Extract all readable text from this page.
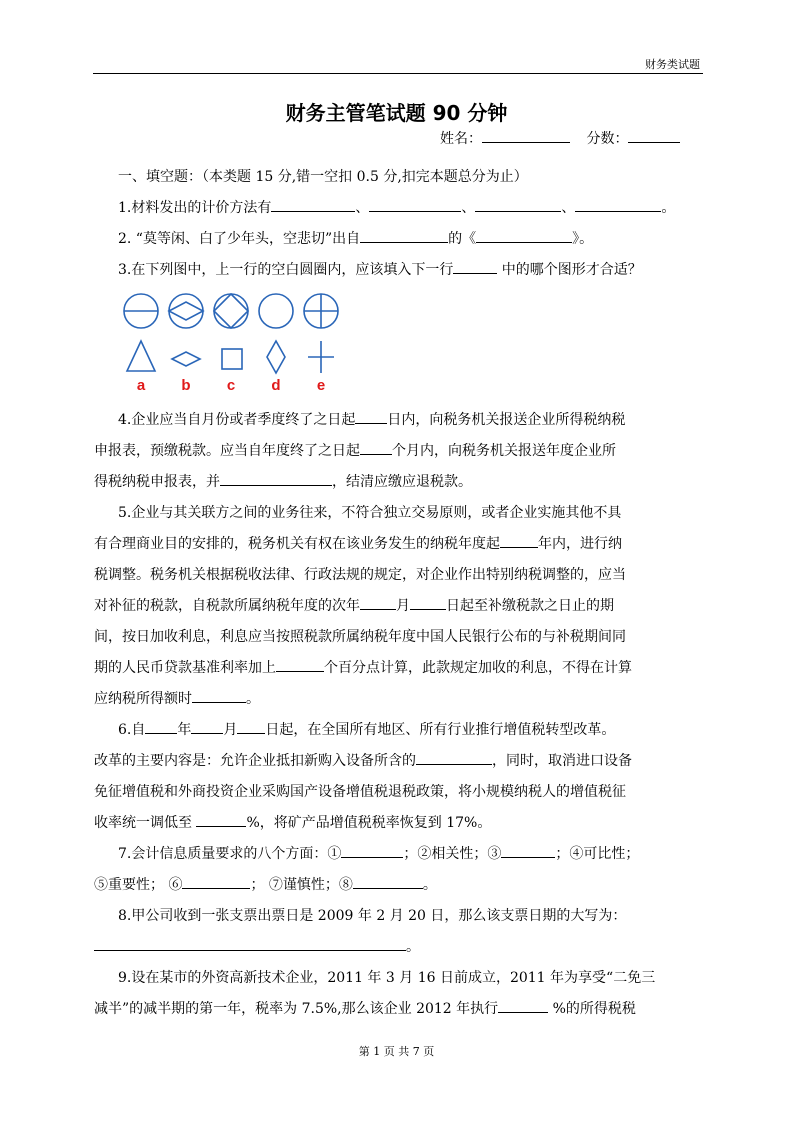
财务类试题
财务主管笔试题 90 分钟
姓名：	分数：
一、填空题：（本类题 15 分,错一空扣 0.5 分,扣完本题总分为止）
1.材料发出的计价方法有	、	、	、	。
2. “莫等闲、白了少年头，空悲切”出自	的《	》。
3.在下列图中，上一行的空白圆圈内，应该填入下一行	中的哪个图形才合适？
a b c d e
4.企业应当自月份或者季度终了之日起 日内，向税务机关报送企业所得税纳税
申报表，预缴税款。应当自年度终了之日起 个月内，向税务机关报送年度企业所
得税纳税申报表，并	，结清应缴应退税款。
5.企业与其关联方之间的业务往来，不符合独立交易原则，或者企业实施其他不具
有合理商业目的安排的，税务机关有权在该业务发生的纳税年度起	年内，进行纳
税调整。税务机关根据税收法律、行政法规的规定，对企业作出特别纳税调整的，应当
对补征的税款，自税款所属纳税年度的次年	月	日起至补缴税款之日止的期
间，按日加收利息，利息应当按照税款所属纳税年度中国人民银行公布的与补税期间同
期的人民币贷款基准利率加上	个百分点计算，此款规定加收的利息，不得在计算
应纳税所得额时	。
6.自 年 月 日起，在全国所有地区、所有行业推行增值税转型改革。
改革的主要内容是：允许企业抵扣新购入设备所含的	，同时，取消进口设备
免征增值税和外商投资企业采购国产设备增值税退税政策，将小规模纳税人的增值税征
收率统一调低至	%，将矿产品增值税税率恢复到 17%。
7.会计信息质量要求的八个方面：①	；②相关性；③	；④可比性；
⑤重要性； ⑥	； ⑦谨慎性；⑧	。
8.甲公司收到一张支票出票日是 2009 年 2 月 20 日，那么该支票日期的大写为：
。
9.设在某市的外资高新技术企业，2011 年 3 月 16 日前成立，2011 年为享受“二免三
减半”的减半期的第一年，税率为 7.5%,那么该企业 2012 年执行	%的所得税税
第 1 页 共 7 页
